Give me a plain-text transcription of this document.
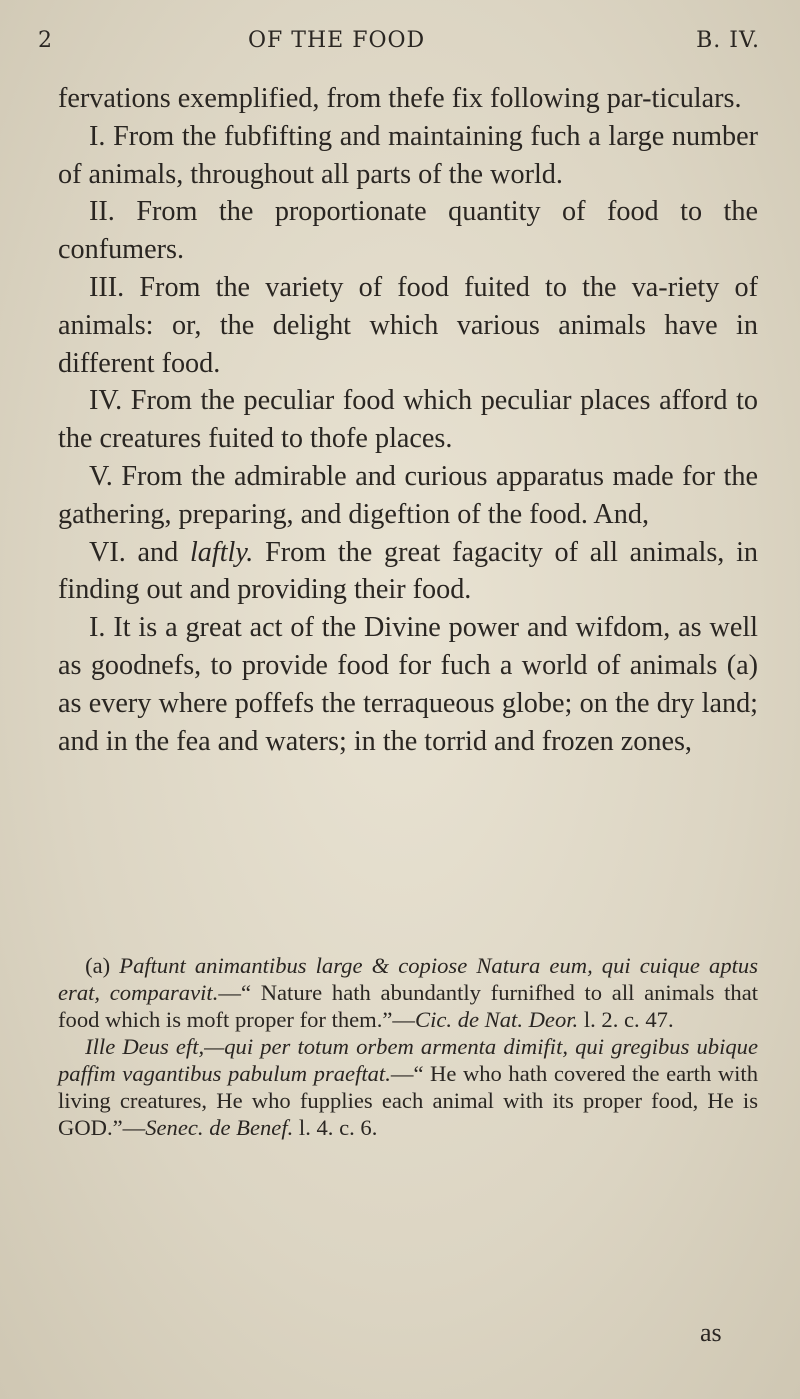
2	OF THE FOOD	B. IV.

fervations exemplified, from thefe fix following par-ticulars.

I. From the fubfifting and maintaining fuch a large number of animals, throughout all parts of the world.

II. From the proportionate quantity of food to the confumers.

III. From the variety of food fuited to the va-riety of animals: or, the delight which various animals have in different food.

IV. From the peculiar food which peculiar places afford to the creatures fuited to thofe places.

V. From the admirable and curious apparatus made for the gathering, preparing, and digeftion of the food. And,

VI. and laftly. From the great fagacity of all animals, in finding out and providing their food.

I. It is a great act of the Divine power and wifdom, as well as goodnefs, to provide food for fuch a world of animals (a) as every where poffefs the terraqueous globe; on the dry land; and in the fea and waters; in the torrid and frozen zones,

(a) Paftunt animantibus large & copiose Natura eum, qui cuique aptus erat, comparavit.—“ Nature hath abundantly furnifhed to all animals that food which is moft proper for them.”—Cic. de Nat. Deor. l. 2. c. 47.

Ille Deus eft,—qui per totum orbem armenta dimifit, qui gregibus ubique paffim vagantibus pabulum praeftat.—“ He who hath covered the earth with living creatures, He who fupplies each animal with its proper food, He is GOD.”—Senec. de Benef. l. 4. c. 6.

as
